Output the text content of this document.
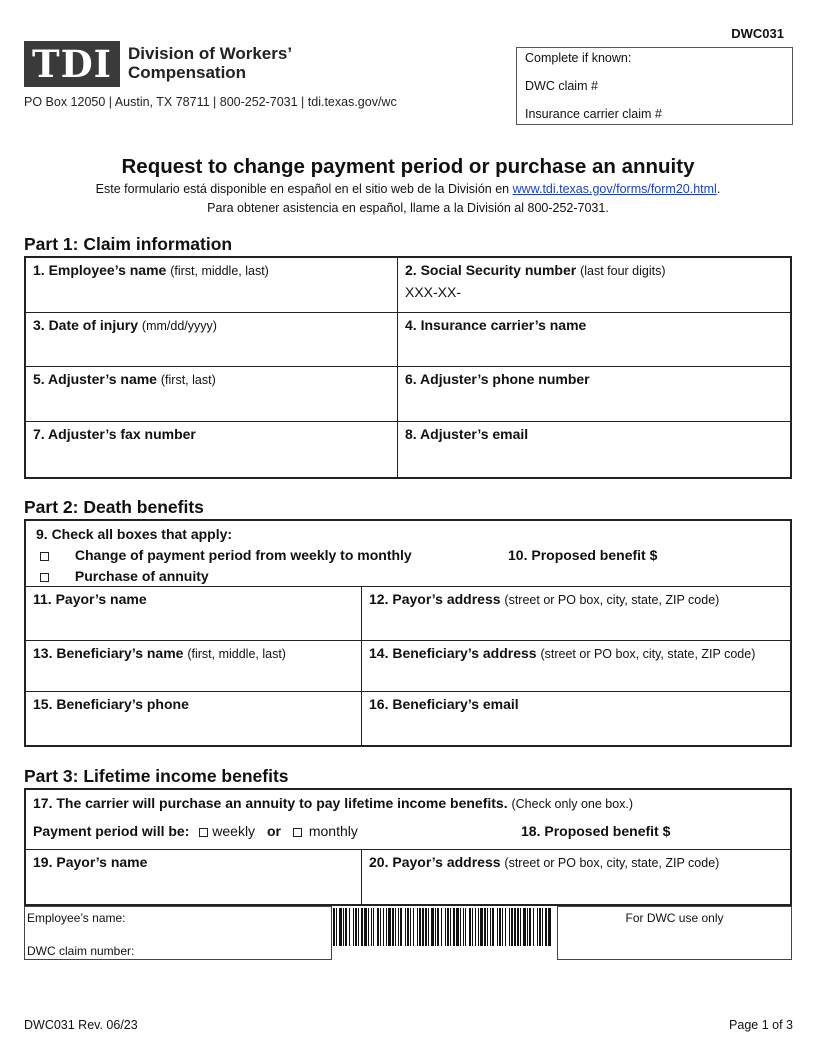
DWC031
TDI Division of Workers’
Compensation
PO Box 12050 | Austin, TX 78711 | 800-252-7031 | tdi.texas.gov/wc
Complete if known:
DWC claim #
Insurance carrier claim #
Request to change payment period or purchase an annuity
Este formulario está disponible en español en el sitio web de la División en www.tdi.texas.gov/forms/form20.html.
Para obtener asistencia en español, llame a la División al 800-252-7031.
Part 1: Claim information
1. Employee’s name (first, middle, last)	2. Social Security number (last four digits)
XXX-XX-
3. Date of injury (mm/dd/yyyy)	4. Insurance carrier’s name
5. Adjuster’s name (first, last)	6. Adjuster’s phone number
7. Adjuster’s fax number	8. Adjuster’s email
Part 2: Death benefits
9. Check all boxes that apply:
Change of payment period from weekly to monthly	10. Proposed benefit $
Purchase of annuity
11. Payor’s name	12. Payor’s address (street or PO box, city, state, ZIP code)
13. Beneficiary’s name (first, middle, last)	14. Beneficiary’s address (street or PO box, city, state, ZIP code)
15. Beneficiary’s phone	16. Beneficiary’s email
Part 3: Lifetime income benefits
17. The carrier will purchase an annuity to pay lifetime income benefits. (Check only one box.)
Payment period will be: weekly or monthly	18. Proposed benefit $
19. Payor’s name	20. Payor’s address (street or PO box, city, state, ZIP code)
Employee’s name:
DWC claim number:
For DWC use only
DWC031 Rev. 06/23	Page 1 of 3
